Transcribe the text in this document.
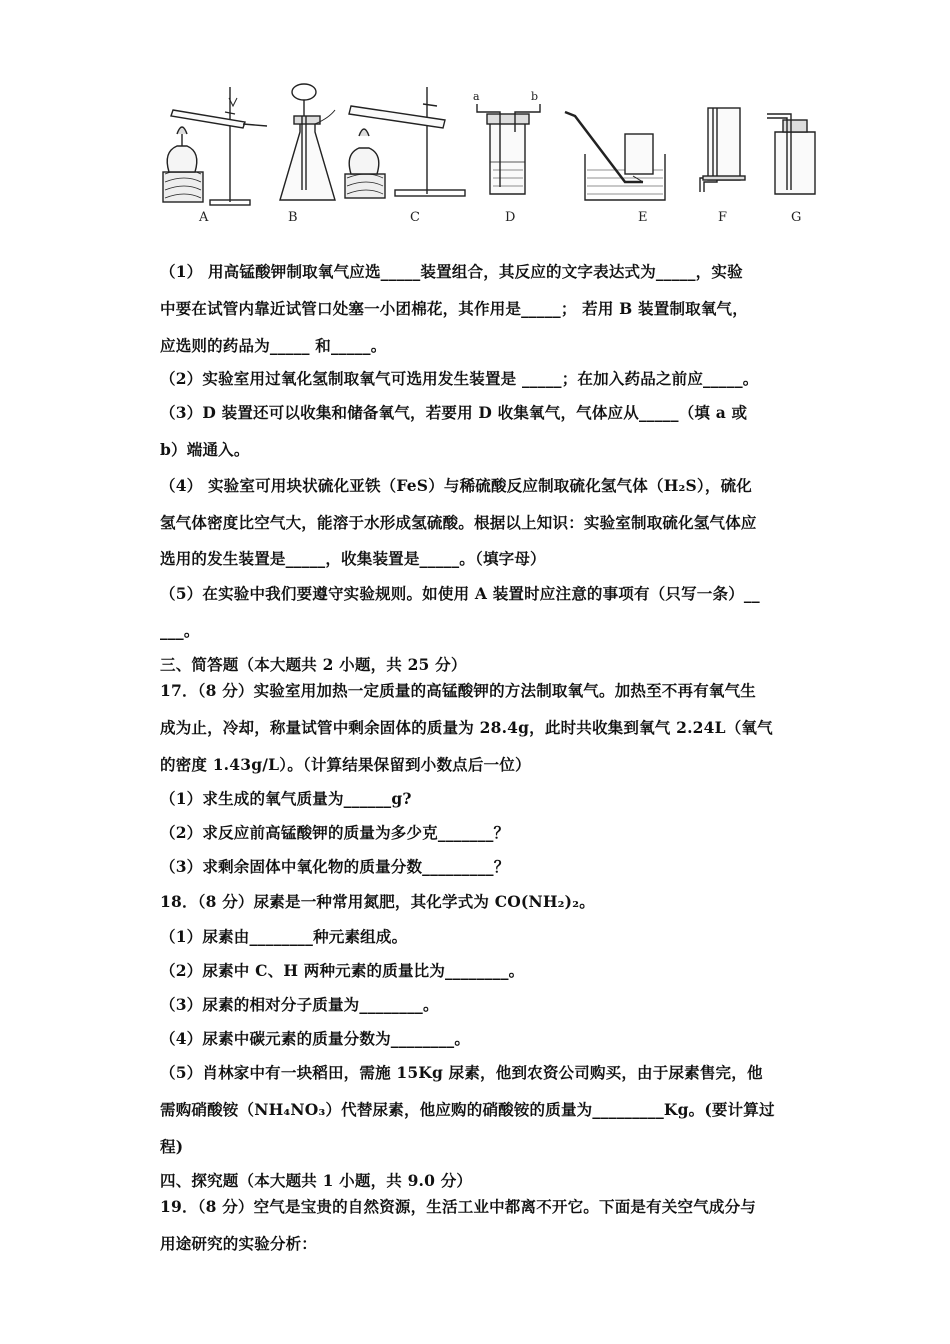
A	B	C	D	E	F	G
a	b
（1） 用高锰酸钾制取氧气应选_____装置组合，其反应的文字表达式为_____，实验
中要在试管内靠近试管口处塞一小团棉花，其作用是_____； 若用 B 装置制取氧气，
应选则的药品为_____ 和_____。
（2）实验室用过氧化氢制取氧气可选用发生装置是 _____；在加入药品之前应_____。
（3）D 装置还可以收集和储备氧气，若要用 D 收集氧气，气体应从_____（填 a 或
b）端通入。
（4） 实验室可用块状硫化亚铁（FeS）与稀硫酸反应制取硫化氢气体（H₂S），硫化
氢气体密度比空气大，能溶于水形成氢硫酸。根据以上知识：实验室制取硫化氢气体应
选用的发生装置是_____，收集装置是_____。（填字母）
（5）在实验中我们要遵守实验规则。如使用 A 装置时应注意的事项有（只写一条）__
___。
三、简答题（本大题共 2 小题，共 25 分）
17．（8 分）实验室用加热一定质量的高锰酸钾的方法制取氧气。加热至不再有氧气生
成为止，冷却，称量试管中剩余固体的质量为 28.4g，此时共收集到氧气 2.24L（氧气
的密度 1.43g/L）。（计算结果保留到小数点后一位）
（1）求生成的氧气质量为______g?
（2）求反应前高锰酸钾的质量为多少克_______？
（3）求剩余固体中氧化物的质量分数_________？
18．（8 分）尿素是一种常用氮肥，其化学式为 CO(NH₂)₂。
（1）尿素由________种元素组成。
（2）尿素中 C、H 两种元素的质量比为________。
（3）尿素的相对分子质量为________。
（4）尿素中碳元素的质量分数为________。
（5）肖林家中有一块稻田，需施 15Kg 尿素，他到农资公司购买，由于尿素售完，他
需购硝酸铵（NH₄NO₃）代替尿素，他应购的硝酸铵的质量为_________Kg。(要计算过
程)
四、探究题（本大题共 1 小题，共 9.0 分）
19．（8 分）空气是宝贵的自然资源，生活工业中都离不开它。下面是有关空气成分与
用途研究的实验分析：
